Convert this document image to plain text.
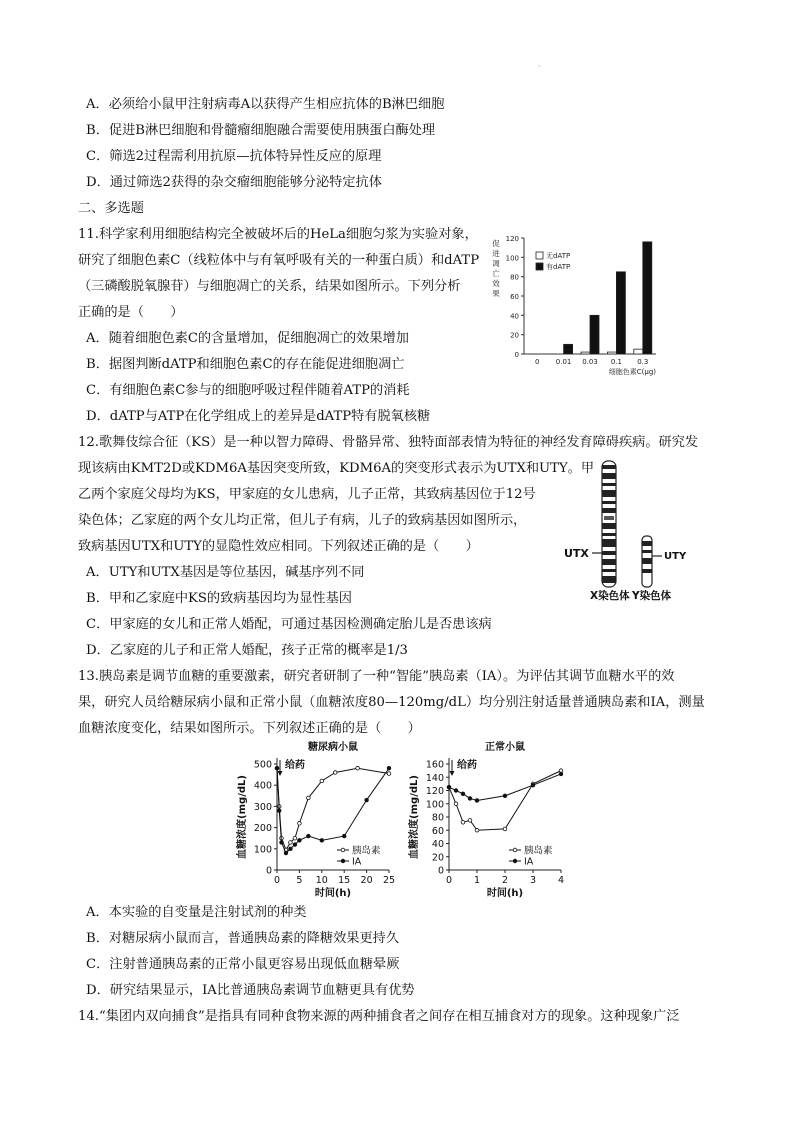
·
A．必须给小鼠甲注射病毒A以获得产生相应抗体的B淋巴细胞
B．促进B淋巴细胞和骨髓瘤细胞融合需要使用胰蛋白酶处理
C．筛选2过程需利用抗原—抗体特异性反应的原理
D．通过筛选2获得的杂交瘤细胞能够分泌特定抗体
二、多选题
11.科学家利用细胞结构完全被破坏后的HeLa细胞匀浆为实验对象，
研究了细胞色素C（线粒体中与有氧呼吸有关的一种蛋白质）和dATP
（三磷酸脱氧腺苷）与细胞凋亡的关系，结果如图所示。下列分析
正确的是（　　）
A．随着细胞色素C的含量增加，促细胞凋亡的效果增加
B．据图判断dATP和细胞色素C的存在能促进细胞凋亡
C．有细胞色素C参与的细胞呼吸过程伴随着ATP的消耗
D．dATP与ATP在化学组成上的差异是dATP特有脱氧核糖
0
20
40
60
80
100
120
促
进
凋
亡
效
果
0 0.01 0.03 0.1 0.3
细胞色素C(μg)
无dATP
有dATP
12.歌舞伎综合征（KS）是一种以智力障碍、骨骼异常、独特面部表情为特征的神经发育障碍疾病。研究发
现该病由KMT2D或KDM6A基因突变所致，KDM6A的突变形式表示为UTX和UTY。甲
乙两个家庭父母均为KS，甲家庭的女儿患病，儿子正常，其致病基因位于12号
染色体；乙家庭的两个女儿均正常，但儿子有病，儿子的致病基因如图所示，
致病基因UTX和UTY的显隐性效应相同。下列叙述正确的是（　　）
A．UTY和UTX基因是等位基因，碱基序列不同
B．甲和乙家庭中KS的致病基因均为显性基因
C．甲家庭的女儿和正常人婚配，可通过基因检测确定胎儿是否患该病
D．乙家庭的儿子和正常人婚配，孩子正常的概率是1/3
UTX	UTY
X染色体 Y染色体
13.胰岛素是调节血糖的重要激素，研究者研制了一种“智能”胰岛素（IA）。为评估其调节血糖水平的效
果，研究人员给糖尿病小鼠和正常小鼠（血糖浓度80—120mg/dL）均分别注射适量普通胰岛素和IA，测量
血糖浓度变化，结果如图所示。下列叙述正确的是（　　）
糖尿病小鼠
0
100
200
300
400
500
0 5 10 15 20 25
时间(h)
血糖浓度(mg/dL)
给药
胰岛素
IA
正常小鼠
0
20
40
60
80
100
120
140
160
0 1 2 3 4
时间(h)
血糖浓度(mg/dL)
给药
胰岛素
IA
A．本实验的自变量是注射试剂的种类
B．对糖尿病小鼠而言，普通胰岛素的降糖效果更持久
C．注射普通胰岛素的正常小鼠更容易出现低血糖晕厥
D．研究结果显示，IA比普通胰岛素调节血糖更具有优势
14.“集团内双向捕食”是指具有同种食物来源的两种捕食者之间存在相互捕食对方的现象。这种现象广泛
